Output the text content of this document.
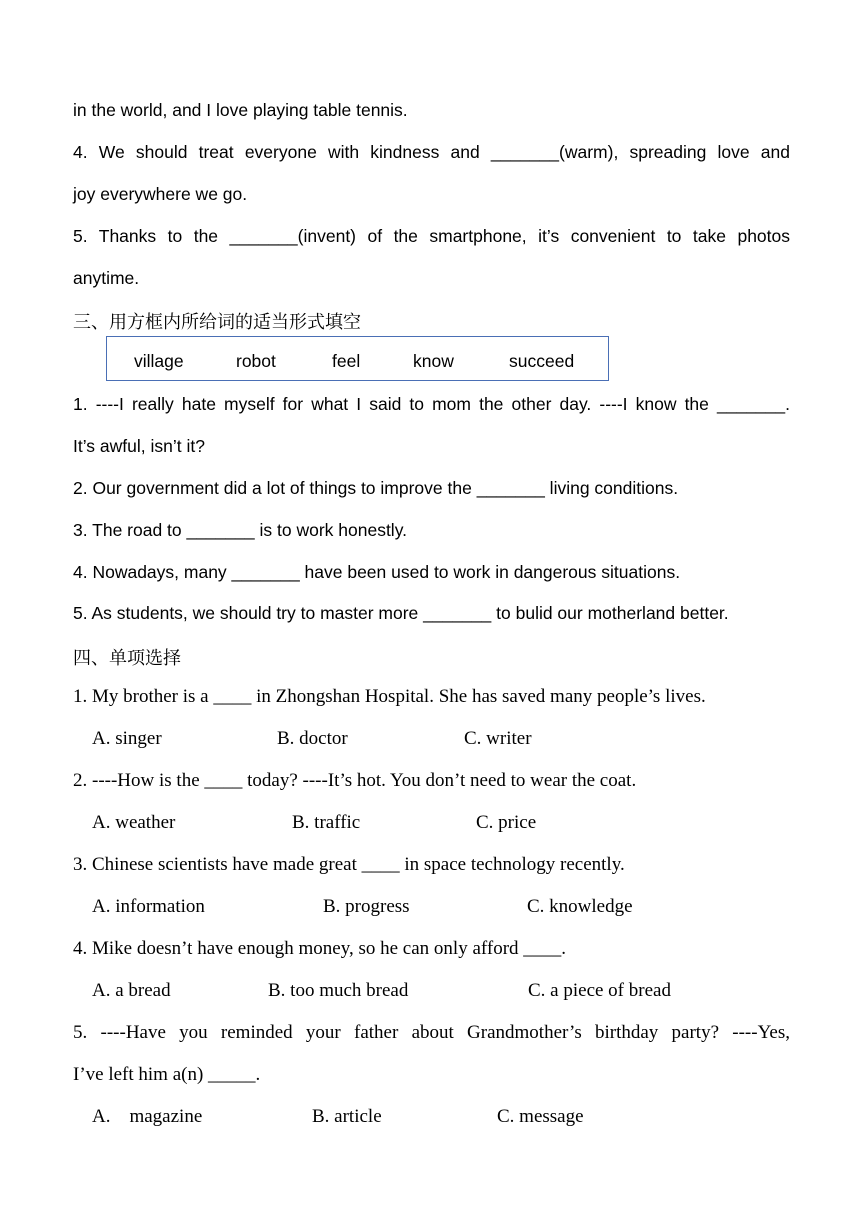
in the world, and I love playing table tennis.
4. We should treat everyone with kindness and _______(warm), spreading love and
joy everywhere we go.
5. Thanks to the _______(invent) of the smartphone, it’s convenient to take photos
anytime.
三、用方框内所给词的适当形式填空
village	robot	feel	know	succeed
1. ----I really hate myself for what I said to mom the other day. ----I know the _______.
It’s awful, isn’t it?
2. Our government did a lot of things to improve the _______ living conditions.
3. The road to _______ is to work honestly.
4. Nowadays, many _______ have been used to work in dangerous situations.
5. As students, we should try to master more _______ to bulid our motherland better.
四、单项选择
1. My brother is a ____ in Zhongshan Hospital. She has saved many people’s lives.
A. singer	B. doctor	C. writer
2. ----How is the ____ today? ----It’s hot. You don’t need to wear the coat.
A. weather	B. traffic	C. price
3. Chinese scientists have made great ____ in space technology recently.
A. information	B. progress	C. knowledge
4. Mike doesn’t have enough money, so he can only afford ____.
A. a bread	B. too much bread	C. a piece of bread
5. ----Have you reminded your father about Grandmother’s birthday party? ----Yes,
I’ve left him a(n) _____.
A.    magazine	B. article	C. message
